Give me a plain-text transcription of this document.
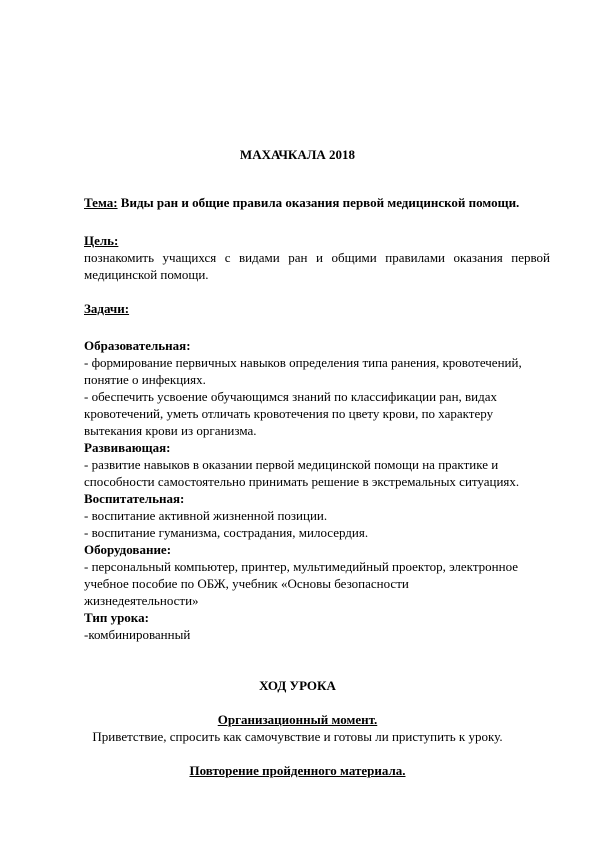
МАХАЧКАЛА 2018
Тема: Виды ран и общие правила оказания первой медицинской помощи.
Цель:
познакомить учащихся с видами ран и общими правилами оказания первой
медицинской помощи.
Задачи:
Образовательная:
- формирование первичных навыков определения типа ранения, кровотечений,
понятие о инфекциях.
- обеспечить усвоение обучающимся знаний по классификации ран, видах
кровотечений, уметь отличать кровотечения по цвету крови, по характеру
вытекания крови из организма.
Развивающая:
- развитие навыков в оказании первой медицинской помощи на практике и
способности самостоятельно принимать решение в экстремальных ситуациях.
Воспитательная:
- воспитание активной жизненной позиции.
- воспитание гуманизма, сострадания, милосердия.
Оборудование:
- персональный компьютер, принтер, мультимедийный проектор, электронное
учебное пособие по ОБЖ, учебник «Основы безопасности
жизнедеятельности»
Тип урока:
-комбинированный
ХОД УРОКА
Организационный момент.
Приветствие, спросить как самочувствие и готовы ли приступить к уроку.
Повторение пройденного материала.
